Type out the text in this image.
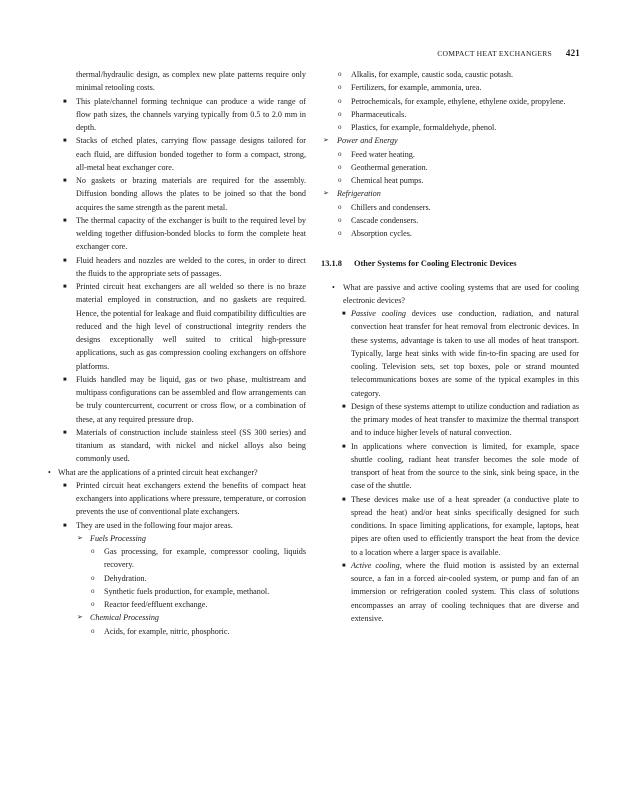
COMPACT HEAT EXCHANGERS 421

thermal/hydraulic design, as complex new plate patterns require only minimal retooling costs.

■ This plate/channel forming technique can produce a wide range of flow path sizes, the channels varying typically from 0.5 to 2.0 mm in depth.

■ Stacks of etched plates, carrying flow passage designs tailored for each fluid, are diffusion bonded together to form a compact, strong, all-metal heat exchanger core.

■ No gaskets or brazing materials are required for the assembly. Diffusion bonding allows the plates to be joined so that the bond acquires the same strength as the parent metal.

■ The thermal capacity of the exchanger is built to the required level by welding together diffusion-bonded blocks to form the complete heat exchanger core.

■ Fluid headers and nozzles are welded to the cores, in order to direct the fluids to the appropriate sets of passages.

■ Printed circuit heat exchangers are all welded so there is no braze material employed in construction, and no gaskets are required. Hence, the potential for leakage and fluid compatibility difficulties are reduced and the high level of constructional integrity renders the designs exceptionally well suited to critical high-pressure applications, such as gas compression cooling exchangers on offshore platforms.

■ Fluids handled may be liquid, gas or two phase, multistream and multipass configurations can be assembled and flow arrangements can be truly countercurrent, cocurrent or cross flow, or a combination of these, at any required pressure drop.

■ Materials of construction include stainless steel (SS 300 series) and titanium as standard, with nickel and nickel alloys also being commonly used.

• What are the applications of a printed circuit heat exchanger?

■ Printed circuit heat exchangers extend the benefits of compact heat exchangers into applications where pressure, temperature, or corrosion prevents the use of conventional plate exchangers.

■ They are used in the following four major areas.

➢ Fuels Processing

o Gas processing, for example, compressor cooling, liquids recovery.

o Dehydration.

o Synthetic fuels production, for example, methanol.

o Reactor feed/effluent exchange.

➢ Chemical Processing

o Acids, for example, nitric, phosphoric.

o Alkalis, for example, caustic soda, caustic potash.

o Fertilizers, for example, ammonia, urea.

o Petrochemicals, for example, ethylene, ethylene oxide, propylene.

o Pharmaceuticals.

o Plastics, for example, formaldehyde, phenol.

➢ Power and Energy

o Feed water heating.

o Geothermal generation.

o Chemical heat pumps.

➢ Refrigeration

o Chillers and condensers.

o Cascade condensers.

o Absorption cycles.

13.1.8 Other Systems for Cooling Electronic Devices

• What are passive and active cooling systems that are used for cooling electronic devices?

■ Passive cooling devices use conduction, radiation, and natural convection heat transfer for heat removal from electronic devices. In these systems, advantage is taken to use all modes of heat transport. Typically, large heat sinks with wide fin-to-fin spacing are used for cooling. Television sets, set top boxes, pole or strand mounted telecommunications boxes are some of the typical examples in this category.

■ Design of these systems attempt to utilize conduction and radiation as the primary modes of heat transfer to maximize the thermal transport and to induce higher levels of natural convection.

■ In applications where convection is limited, for example, space shuttle cooling, radiant heat transfer becomes the sole mode of transport of heat from the source to the sink, sink being space, in the case of the shuttle.

■ These devices make use of a heat spreader (a conductive plate to spread the heat) and/or heat sinks specifically designed for such conditions. In space limiting applications, for example, laptops, heat pipes are often used to efficiently transport the heat from the device to a location where a larger space is available.

■ Active cooling, where the fluid motion is assisted by an external source, a fan in a forced air-cooled system, or pump and fan of an immersion or refrigeration cooled system. This class of solutions encompasses an array of cooling techniques that are diverse and extensive.
